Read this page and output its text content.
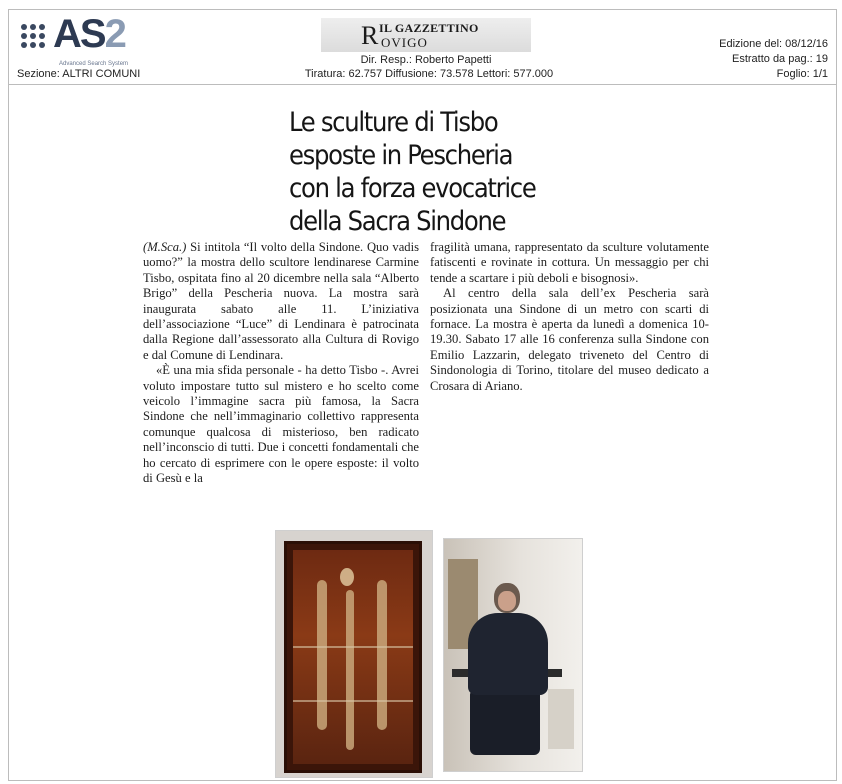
AS2
Advanced Search System
Sezione: ALTRI COMUNI
R IL GAZZETTINO
OVIGO
Dir. Resp.: Roberto Papetti
Tiratura: 62.757 Diffusione: 73.578 Lettori: 577.000
Edizione del: 08/12/16
Estratto da pag.: 19
Foglio: 1/1
Le sculture di Tisbo
esposte in Pescheria
con la forza evocatrice
della Sacra Sindone

(M.Sca.) Si intitola “Il volto della Sindone. Quo vadis uomo?” la mostra dello scultore lendinarese Carmine Tisbo, ospitata fino al 20 dicembre nella sala “Alberto Brigo” della Pescheria nuova. La mostra sarà inaugurata sabato alle 11. L’iniziativa dell’associazione “Luce” di Lendinara è patrocinata dalla Regione dall’assessorato alla Cultura di Rovigo e dal Comune di Lendinara.

«È una mia sfida personale - ha detto Tisbo -. Avrei voluto impostare tutto sul mistero e ho scelto come veicolo l’immagine sacra più famosa, la Sacra Sindone che nell’immaginario collettivo rappresenta comunque qualcosa di misterioso, ben radicato nell’inconscio di tutti. Due i concetti fondamentali che ho cercato di esprimere con le opere esposte: il volto di Gesù e la

fragilità umana, rappresentato da sculture volutamente fatiscenti e rovinate in cottura. Un messaggio per chi tende a scartare i più deboli e bisognosi».

Al centro della sala dell’ex Pescheria sarà posizionata una Sindone di un metro con scarti di fornace. La mostra è aperta da lunedì a domenica 10-19.30. Sabato 17 alle 16 conferenza sulla Sindone con Emilio Lazzarin, delegato triveneto del Centro di Sindonologia di Torino, titolare del museo dedicato a Crosara di Ariano.
